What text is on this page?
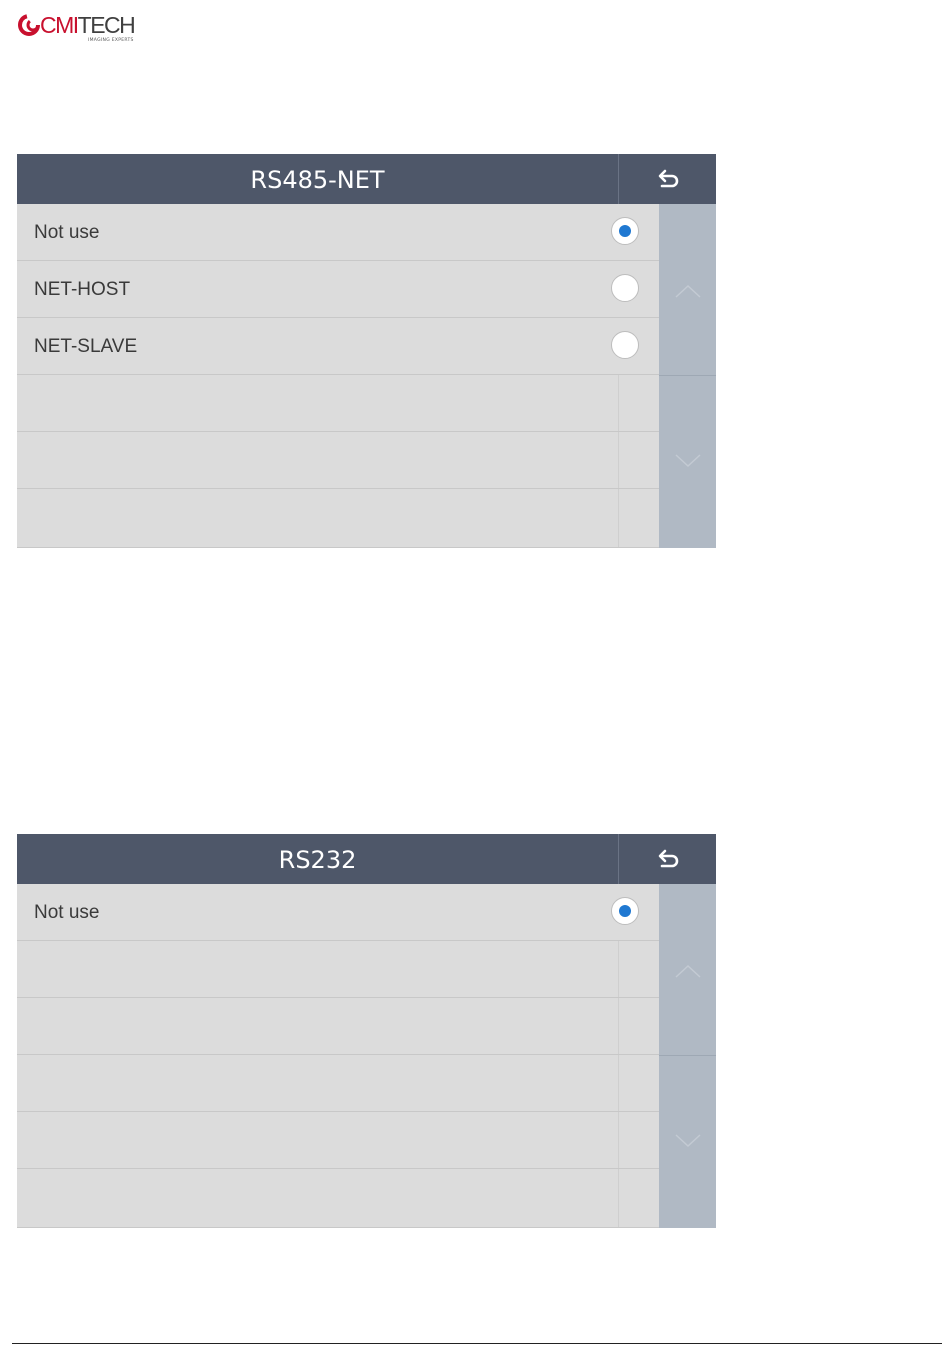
CMITECH
IMAGING EXPERTS
RS485-NET
Not use
NET-HOST
NET-SLAVE
RS232
Not use
